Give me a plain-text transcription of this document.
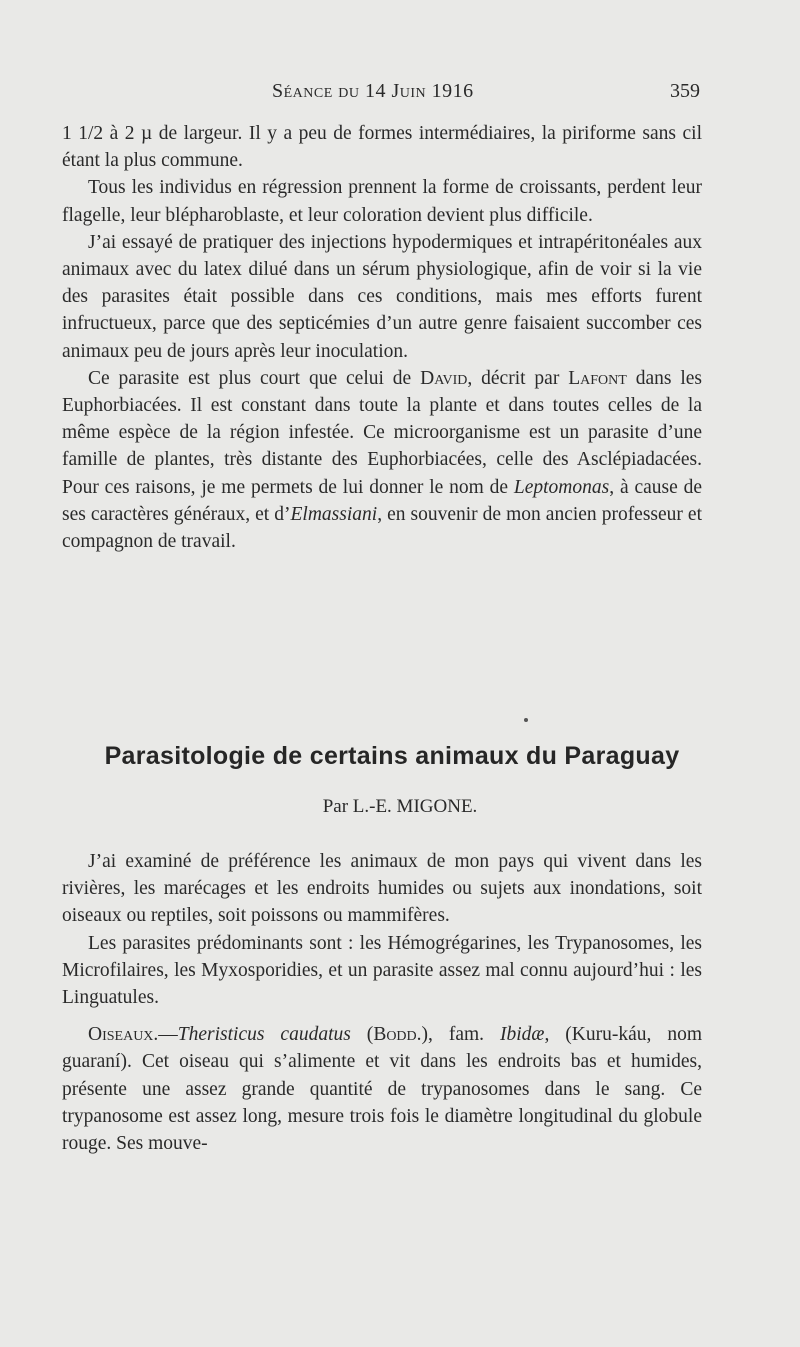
Séance du 14 Juin 1916	359

1 1/2 à 2 µ de largeur. Il y a peu de formes intermédiaires, la piriforme sans cil étant la plus commune.

Tous les individus en régression prennent la forme de croissants, perdent leur flagelle, leur blépharoblaste, et leur coloration devient plus difficile.

J’ai essayé de pratiquer des injections hypodermiques et intrapéritonéales aux animaux avec du latex dilué dans un sérum physiologique, afin de voir si la vie des parasites était possible dans ces conditions, mais mes efforts furent infructueux, parce que des septicémies d’un autre genre faisaient succomber ces animaux peu de jours après leur inoculation.

Ce parasite est plus court que celui de David, décrit par Lafont dans les Euphorbiacées. Il est constant dans toute la plante et dans toutes celles de la même espèce de la région infestée. Ce microorganisme est un parasite d’une famille de plantes, très distante des Euphorbiacées, celle des Asclépiadacées. Pour ces raisons, je me permets de lui donner le nom de Leptomonas, à cause de ses caractères généraux, et d’Elmassiani, en souvenir de mon ancien professeur et compagnon de travail.

Parasitologie de certains animaux du Paraguay
Par L.-E. MIGONE.

J’ai examiné de préférence les animaux de mon pays qui vivent dans les rivières, les marécages et les endroits humides ou sujets aux inondations, soit oiseaux ou reptiles, soit poissons ou mammifères.

Les parasites prédominants sont : les Hémogrégarines, les Trypanosomes, les Microfilaires, les Myxosporidies, et un parasite assez mal connu aujourd’hui : les Linguatules.

Oiseaux.—Theristicus caudatus (Bodd.), fam. Ibidæ, (Kuru-káu, nom guaraní). Cet oiseau qui s’alimente et vit dans les endroits bas et humides, présente une assez grande quantité de trypanosomes dans le sang. Ce trypanosome est assez long, mesure trois fois le diamètre longitudinal du globule rouge. Ses mouve-
